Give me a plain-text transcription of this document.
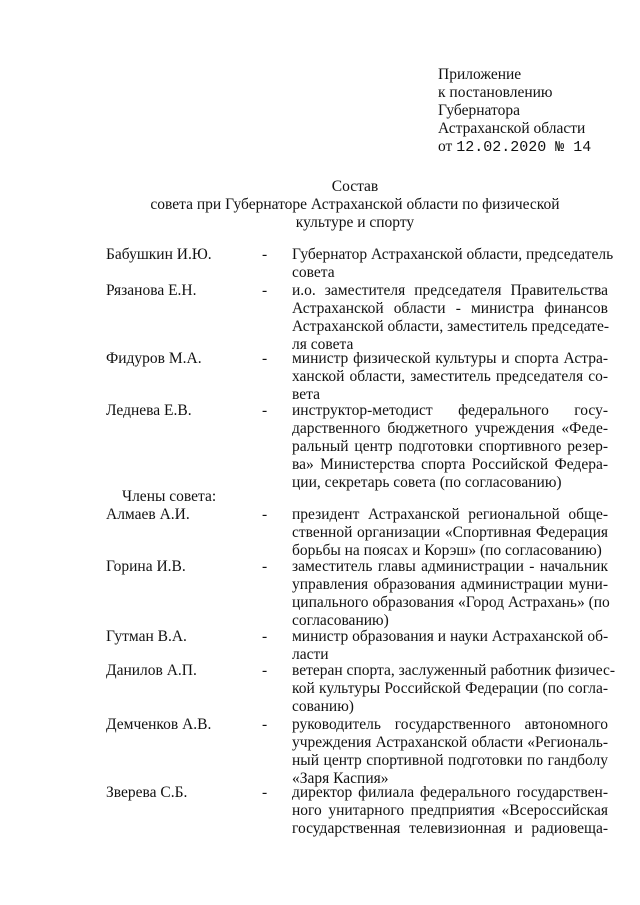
Приложение
к постановлению
Губернатора
Астраханской области
от 12.02.2020 № 14
Состав
совета при Губернаторе Астраханской области по физической
культуре и спорту
Бабушкин И.Ю.	- Губернатор Астраханской области, председатель
совета
Рязанова Е.Н.	- и.о. заместителя председателя Правительства
Астраханской области - министра финансов
Астраханской области, заместитель председате-
ля совета
Фидуров М.А.	- министр физической культуры и спорта Астра-
ханской области, заместитель председателя со-
вета
Леднева Е.В.	- инструктор-методист федерального госу-
дарственного бюджетного учреждения «Феде-
ральный центр подготовки спортивного резер-
ва» Министерства спорта Российской Федера-
ции, секретарь совета (по согласованию)
Члены совета:
Алмаев А.И.	- президент Астраханской региональной обще-
ственной организации «Спортивная Федерация
борьбы на поясах и Корэш» (по согласованию)
Горина И.В.	- заместитель главы администрации - начальник
управления образования администрации муни-
ципального образования «Город Астрахань» (по
согласованию)
Гутман В.А.	- министр образования и науки Астраханской об-
ласти
Данилов А.П.	- ветеран спорта, заслуженный работник физичес-
кой культуры Российской Федерации (по согла-
сованию)
Демченков А.В.	- руководитель государственного автономного
учреждения Астраханской области «Региональ-
ный центр спортивной подготовки по гандболу
«Заря Каспия»
Зверева С.Б.	- директор филиала федерального государствен-
ного унитарного предприятия «Всероссийская
государственная телевизионная и радиовеща-
